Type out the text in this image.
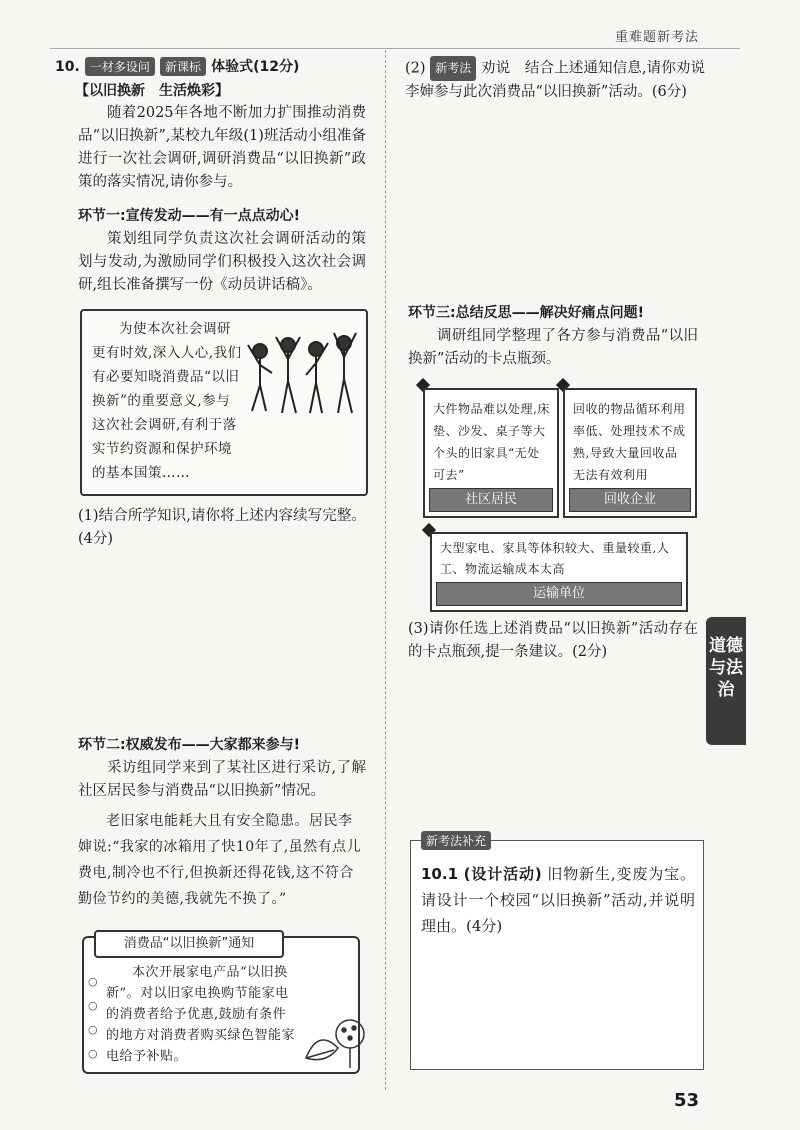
重难题新考法
10. 一材多设问 新课标 体验式(12分)
【以旧换新　生活焕彩】
随着2025年各地不断加力扩围推动消费品“以旧换新”,某校九年级(1)班活动小组准备进行一次社会调研,调研消费品“以旧换新”政策的落实情况,请你参与。
环节一:宣传发动——有一点点动心!
策划组同学负责这次社会调研活动的策划与发动,为激励同学们积极投入这次社会调研,组长准备撰写一份《动员讲话稿》。
为使本次社会调研更有时效,深入人心,我们有必要知晓消费品“以旧换新”的重要意义,参与这次社会调研,有利于落实节约资源和保护环境的基本国策……
(1)结合所学知识,请你将上述内容续写完整。(4分)
环节二:权威发布——大家都来参与!
采访组同学来到了某社区进行采访,了解社区居民参与消费品“以旧换新”情况。
老旧家电能耗大且有安全隐患。居民李婶说:“我家的冰箱用了快10年了,虽然有点儿费电,制冷也不行,但换新还得花钱,这不符合勤俭节约的美德,我就先不换了。”
消费品“以旧换新”通知
○
○
○
○
本次开展家电产品“以旧换新”。对以旧家电换购节能家电的消费者给予优惠,鼓励有条件的地方对消费者购买绿色智能家电给予补贴。
(2) 新考法 劝说　结合上述通知信息,请你劝说李婶参与此次消费品“以旧换新”活动。(6分)
环节三:总结反思——解决好痛点问题!
调研组同学整理了各方参与消费品“以旧换新”活动的卡点瓶颈。
大件物品难以处理,床垫、沙发、桌子等大个头的旧家具“无处可去”
社区居民
回收的物品循环利用率低、处理技术不成熟,导致大量回收品无法有效利用
回收企业
大型家电、家具等体积较大、重量较重,人工、物流运输成本太高
运输单位
(3)请你任选上述消费品“以旧换新”活动存在的卡点瓶颈,提一条建议。(2分)	道德与法治
新考法补充
10.1 (设计活动) 旧物新生,变废为宝。请设计一个校园“以旧换新”活动,并说明理由。(4分)
53
